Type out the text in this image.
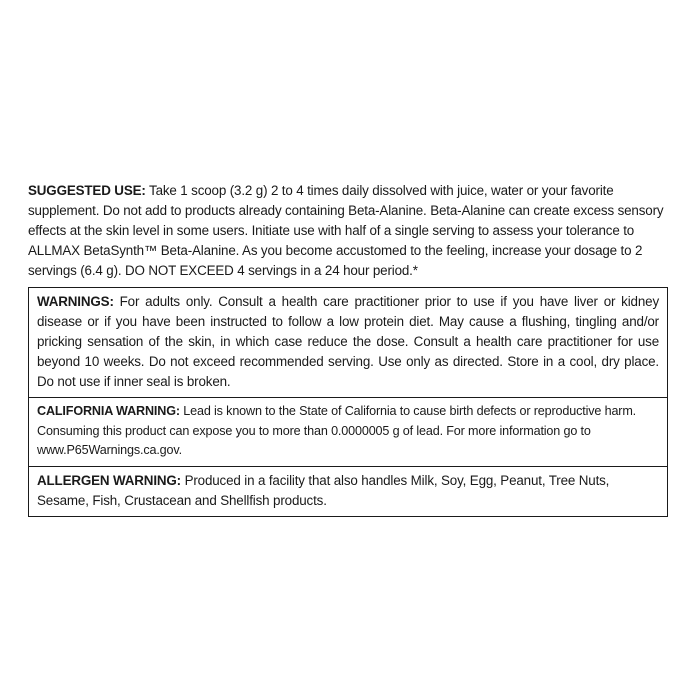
SUGGESTED USE: Take 1 scoop (3.2 g) 2 to 4 times daily dissolved with juice, water or your favorite supplement. Do not add to products already containing Beta-Alanine. Beta-Alanine can create excess sensory effects at the skin level in some users. Initiate use with half of a single serving to assess your tolerance to ALLMAX BetaSynth™ Beta-Alanine. As you become accustomed to the feeling, increase your dosage to 2 servings (6.4 g). DO NOT EXCEED 4 servings in a 24 hour period.*

WARNINGS: For adults only. Consult a health care practitioner prior to use if you have liver or kidney disease or if you have been instructed to follow a low protein diet. May cause a flushing, tingling and/or pricking sensation of the skin, in which case reduce the dose. Consult a health care practitioner for use beyond 10 weeks. Do not exceed recommended serving. Use only as directed. Store in a cool, dry place. Do not use if inner seal is broken.

CALIFORNIA WARNING: Lead is known to the State of California to cause birth defects or reproductive harm. Consuming this product can expose you to more than 0.0000005 g of lead. For more information go to www.P65Warnings.ca.gov.

ALLERGEN WARNING: Produced in a facility that also handles Milk, Soy, Egg, Peanut, Tree Nuts, Sesame, Fish, Crustacean and Shellfish products.
